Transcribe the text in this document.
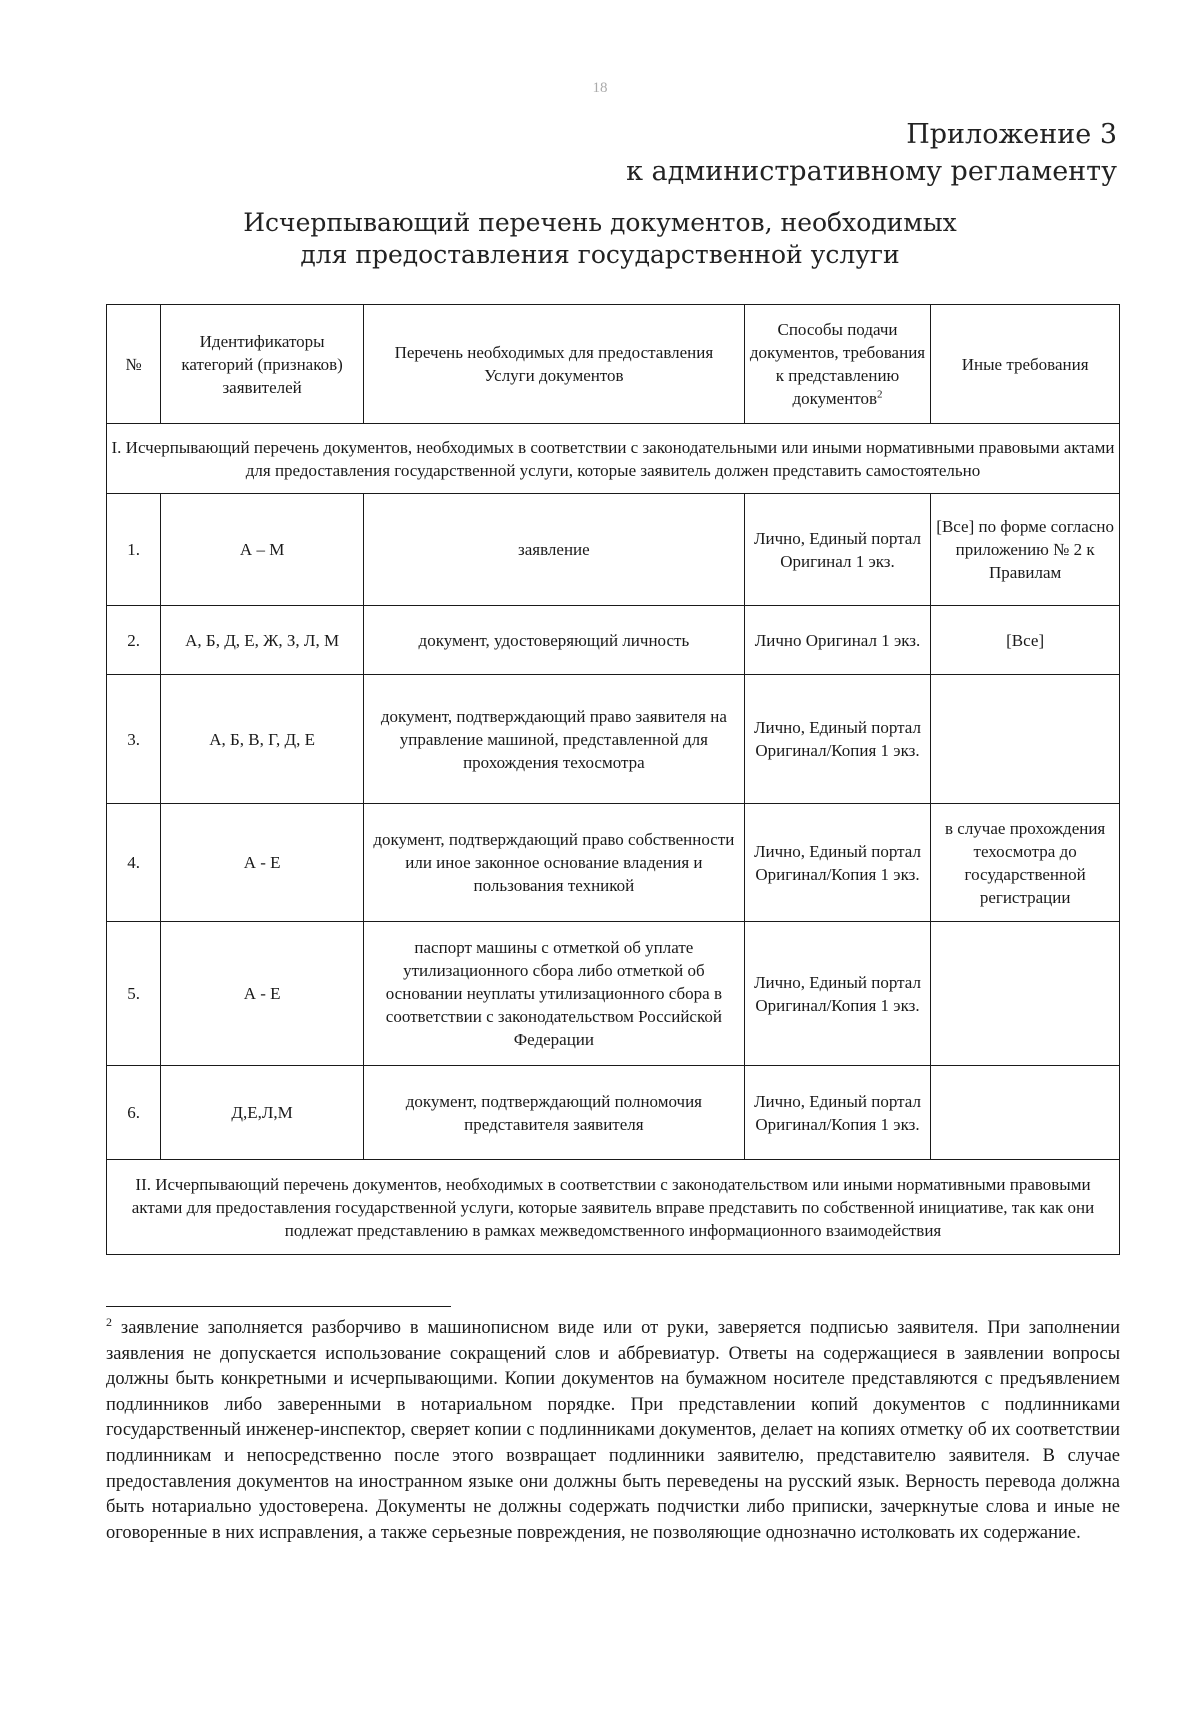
18
Приложение 3
к административному регламенту
Исчерпывающий перечень документов, необходимых
для предоставления государственной услуги
№	Идентификаторы категорий (признаков) заявителей	Перечень необходимых для предоставления Услуги документов	Способы подачи документов, требования к представлению документов$^2$	Иные требования
I. Исчерпывающий перечень документов, необходимых в соответствии с законодательными или иными нормативными правовыми актами для предоставления государственной услуги, которые заявитель должен представить самостоятельно				
1.	А – М	заявление	Лично, Единый портал Оригинал 1 экз.	[Все] по форме согласно приложению № 2 к Правилам
2.	А, Б, Д, Е, Ж, З, Л, М	документ, удостоверяющий личность	Лично Оригинал 1 экз.	[Все]
3.	А, Б, В, Г, Д, Е	документ, подтверждающий право заявителя на управление машиной, представленной для прохождения техосмотра	Лично, Единый портал Оригинал/Копия 1 экз.	
4.	А - Е	документ, подтверждающий право собственности или иное законное основание владения и пользования техникой	Лично, Единый портал Оригинал/Копия 1 экз.	в случае прохождения техосмотра до государственной регистрации
5.	А - Е	паспорт машины с отметкой об уплате утилизационного сбора либо отметкой об основании неуплаты утилизационного сбора в соответствии с законодательством Российской Федерации	Лично, Единый портал Оригинал/Копия 1 экз.	
6.	Д,Е,Л,М	документ, подтверждающий полномочия представителя заявителя	Лично, Единый портал Оригинал/Копия 1 экз.	
II. Исчерпывающий перечень документов, необходимых в соответствии с законодательством или иными нормативными правовыми актами для предоставления государственной услуги, которые заявитель вправе представить по собственной инициативе, так как они подлежат представлению в рамках межведомственного информационного взаимодействия				
$^2$ заявление заполняется разборчиво в машинописном виде или от руки, заверяется подписью заявителя. При заполнении заявления не допускается использование сокращений слов и аббревиатур. Ответы на содержащиеся в заявлении вопросы должны быть конкретными и исчерпывающими. Копии документов на бумажном носителе представляются с предъявлением подлинников либо заверенными в нотариальном порядке. При представлении копий документов с подлинниками государственный инженер-инспектор, сверяет копии с подлинниками документов, делает на копиях отметку об их соответствии подлинникам и непосредственно после этого возвращает подлинники заявителю, представителю заявителя. В случае предоставления документов на иностранном языке они должны быть переведены на русский язык. Верность перевода должна быть нотариально удостоверена. Документы не должны содержать подчистки либо приписки, зачеркнутые слова и иные не оговоренные в них исправления, а также серьезные повреждения, не позволяющие однозначно истолковать их содержание.
